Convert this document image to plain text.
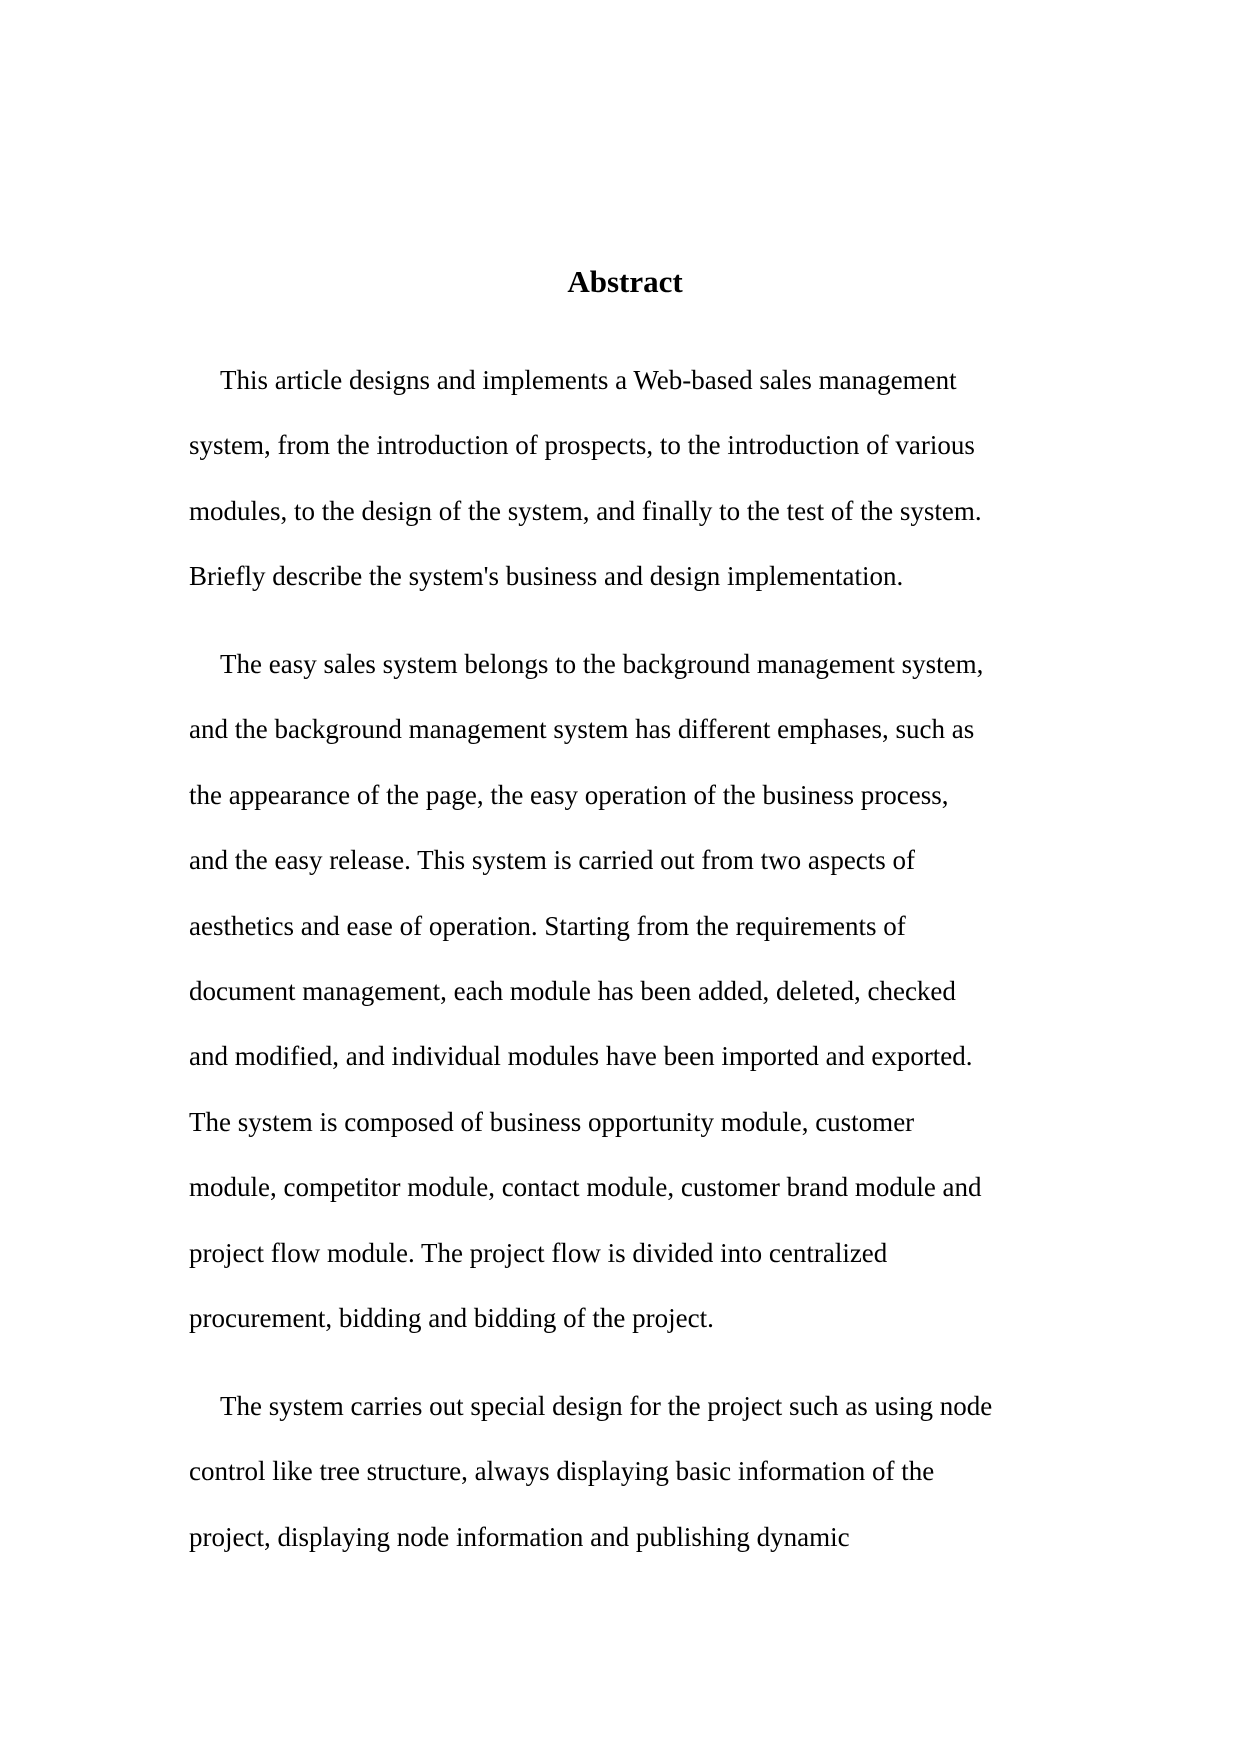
Abstract

This article designs and implements a Web-based sales management
system, from the introduction of prospects, to the introduction of various
modules, to the design of the system, and finally to the test of the system.
Briefly describe the system's business and design implementation.

The easy sales system belongs to the background management system,
and the background management system has different emphases, such as
the appearance of the page, the easy operation of the business process,
and the easy release. This system is carried out from two aspects of
aesthetics and ease of operation. Starting from the requirements of
document management, each module has been added, deleted, checked
and modified, and individual modules have been imported and exported.
The system is composed of business opportunity module, customer
module, competitor module, contact module, customer brand module and
project flow module. The project flow is divided into centralized
procurement, bidding and bidding of the project.

The system carries out special design for the project such as using node
control like tree structure, always displaying basic information of the
project, displaying node information and publishing dynamic
